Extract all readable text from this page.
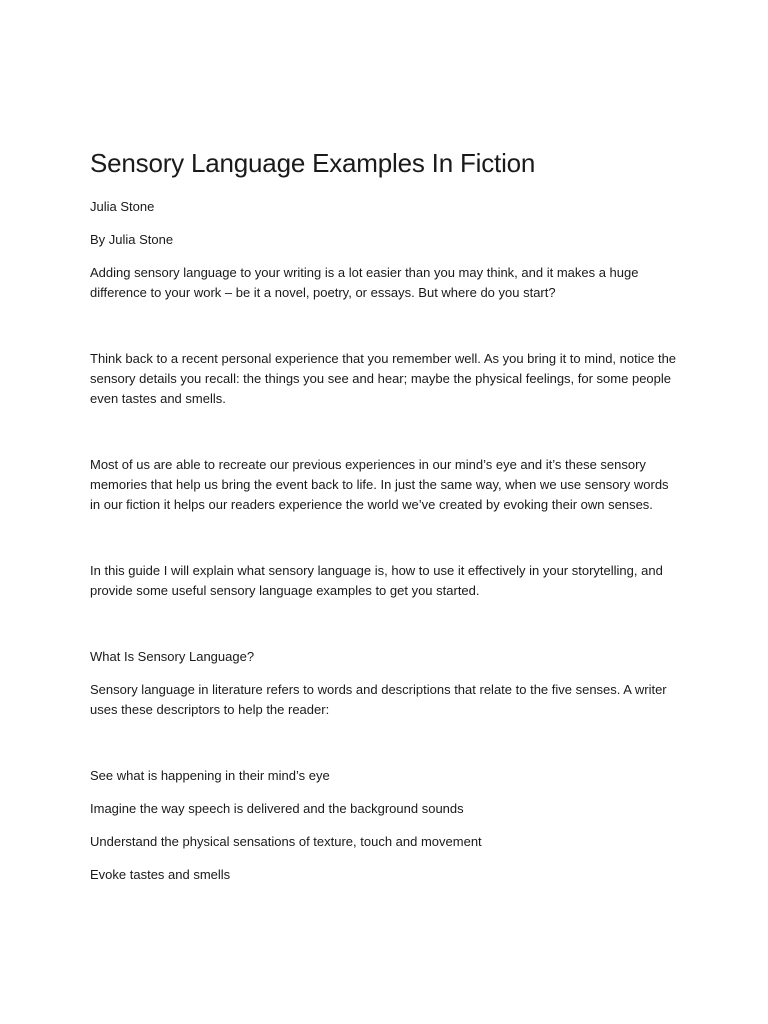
Sensory Language Examples In Fiction

Julia Stone

By Julia Stone

Adding sensory language to your writing is a lot easier than you may think, and it makes a huge difference to your work – be it a novel, poetry, or essays. But where do you start?

Think back to a recent personal experience that you remember well. As you bring it to mind, notice the sensory details you recall: the things you see and hear; maybe the physical feelings, for some people even tastes and smells.

Most of us are able to recreate our previous experiences in our mind’s eye and it’s these sensory memories that help us bring the event back to life. In just the same way, when we use sensory words in our fiction it helps our readers experience the world we’ve created by evoking their own senses.

In this guide I will explain what sensory language is, how to use it effectively in your storytelling, and provide some useful sensory language examples to get you started.

What Is Sensory Language?

Sensory language in literature refers to words and descriptions that relate to the five senses. A writer uses these descriptors to help the reader:

See what is happening in their mind’s eye

Imagine the way speech is delivered and the background sounds

Understand the physical sensations of texture, touch and movement

Evoke tastes and smells
